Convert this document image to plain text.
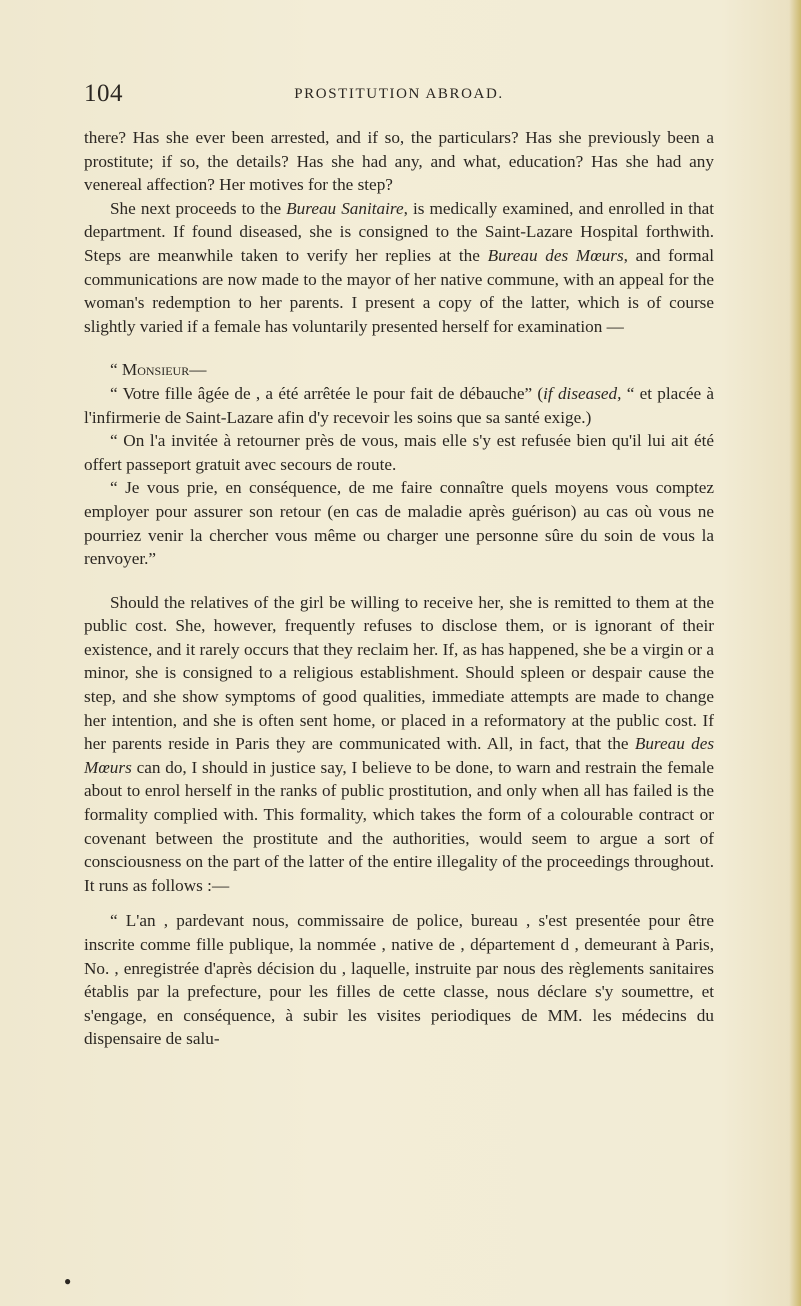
104	PROSTITUTION ABROAD.

there? Has she ever been arrested, and if so, the particulars? Has she previously been a prostitute; if so, the details? Has she had any, and what, education? Has she had any venereal affection? Her motives for the step?

She next proceeds to the Bureau Sanitaire, is medically examined, and enrolled in that department. If found diseased, she is consigned to the Saint-Lazare Hospital forthwith. Steps are meanwhile taken to verify her replies at the Bureau des Mœurs, and formal communications are now made to the mayor of her native commune, with an appeal for the woman's redemption to her parents. I present a copy of the latter, which is of course slightly varied if a female has voluntarily presented herself for examination —

“ Monsieur—

“ Votre fille âgée de , a été arrêtée le pour fait de débauche” (if diseased, “ et placée à l'infirmerie de Saint-Lazare afin d'y recevoir les soins que sa santé exige.)

“ On l'a invitée à retourner près de vous, mais elle s'y est refusée bien qu'il lui ait été offert passeport gratuit avec secours de route.

“ Je vous prie, en conséquence, de me faire connaître quels moyens vous comptez employer pour assurer son retour (en cas de maladie après guérison) au cas où vous ne pourriez venir la chercher vous même ou charger une personne sûre du soin de vous la renvoyer.”

Should the relatives of the girl be willing to receive her, she is remitted to them at the public cost. She, however, frequently refuses to disclose them, or is ignorant of their existence, and it rarely occurs that they reclaim her. If, as has happened, she be a virgin or a minor, she is consigned to a religious establishment. Should spleen or despair cause the step, and she show symptoms of good qualities, immediate attempts are made to change her intention, and she is often sent home, or placed in a reformatory at the public cost. If her parents reside in Paris they are communicated with. All, in fact, that the Bureau des Mœurs can do, I should in justice say, I believe to be done, to warn and restrain the female about to enrol herself in the ranks of public prostitution, and only when all has failed is the formality complied with. This formality, which takes the form of a colourable contract or covenant between the prostitute and the authorities, would seem to argue a sort of consciousness on the part of the latter of the entire illegality of the proceedings throughout. It runs as follows :—

“ L'an , pardevant nous, commissaire de police, bureau , s'est presentée pour être inscrite comme fille publique, la nommée , native de , département d , demeurant à Paris, No. , enregistrée d'après décision du , laquelle, instruite par nous des règlements sanitaires établis par la prefecture, pour les filles de cette classe, nous déclare s'y soumettre, et s'engage, en conséquence, à subir les visites periodiques de MM. les médecins du dispensaire de salu-

●
